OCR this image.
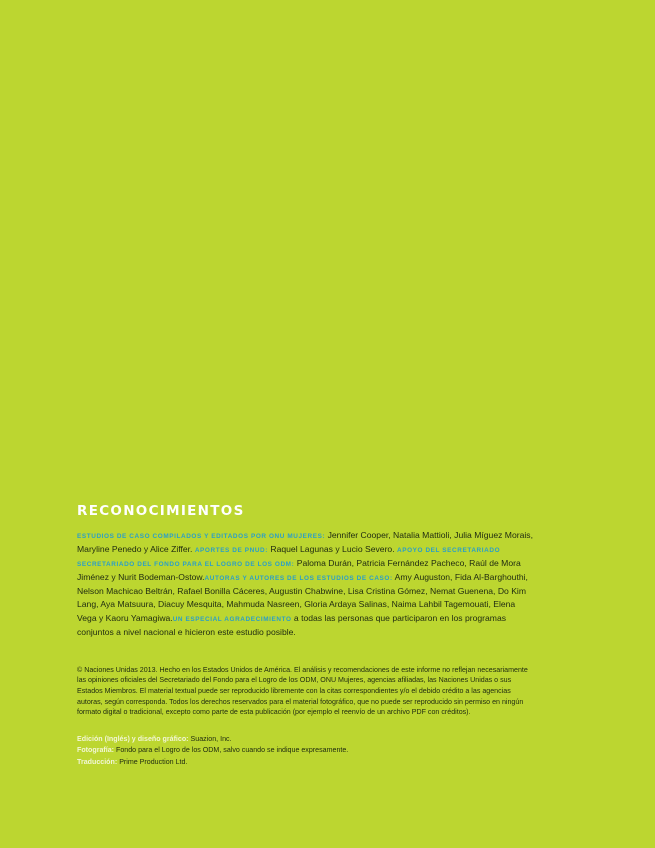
RECONOCIMIENTOS

ESTUDIOS DE CASO COMPILADOS Y EDITADOS POR ONU MUJERES: Jennifer Cooper, Natalia Mattioli, Julia Míguez Morais, Maryline Penedo y Alice Ziffer. APORTES DE PNUD: Raquel Lagunas y Lucio Severo. APOYO DEL SECRETARIADO SECRETARIADO DEL FONDO PARA EL LOGRO DE LOS ODM: Paloma Durán, Patricia Fernández Pacheco, Raúl de Mora Jiménez y Nurit Bodeman-Ostow.AUTORAS Y AUTORES DE LOS ESTUDIOS DE CASO: Amy Auguston, Fida Al-Barghouthi, Nelson Machicao Beltrán, Rafael Bonilla Cáceres, Augustin Chabwine, Lisa Cristina Gómez, Nemat Guenena, Do Kim Lang, Aya Matsuura, Diacuy Mesquita, Mahmuda Nasreen, Gloria Ardaya Salinas, Naima Lahbil Tagemouati, Elena Vega y Kaoru Yamagiwa.UN ESPECIAL AGRADECIMIENTO a todas las personas que participaron en los programas conjuntos a nivel nacional e hicieron este estudio posible.

© Naciones Unidas 2013. Hecho en los Estados Unidos de América. El análisis y recomendaciones de este informe no reflejan necesariamente las opiniones oficiales del Secretariado del Fondo para el Logro de los ODM, ONU Mujeres, agencias afiliadas, las Naciones Unidas o sus Estados Miembros. El material textual puede ser reproducido libremente con la citas correspondientes y/o el debido crédito a las agencias autoras, según corresponda. Todos los derechos reservados para el material fotográfico, que no puede ser reproducido sin permiso en ningún formato digital o tradicional, excepto como parte de esta publicación (por ejemplo el reenvío de un archivo PDF con créditos).

Edición (Inglés) y diseño gráfico: Suazion, Inc.
Fotografía: Fondo para el Logro de los ODM, salvo cuando se indique expresamente.
Traducción: Prime Production Ltd.
